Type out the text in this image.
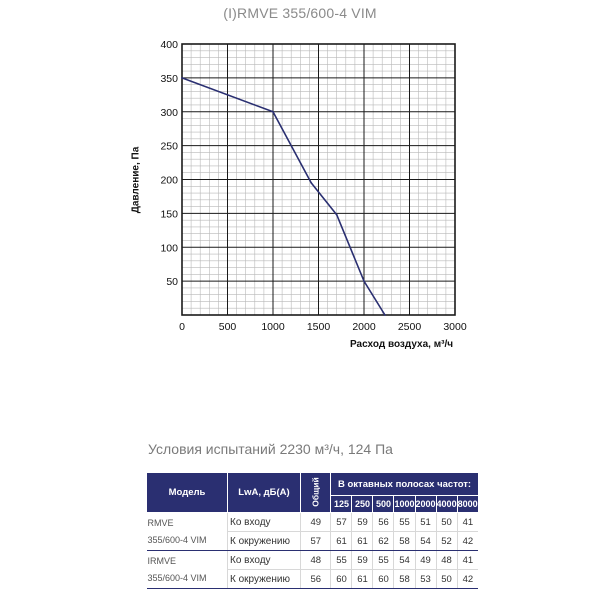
(I)RMVE 355/600-4 VIM
0	500 1000 1500 2000 2500 3000
50
100
150
200
250
300
350
400
Давление, Па
Расход воздуха, м³/ч
Условия испытаний 2230 м³/ч, 124 Па
Модель	LwA, дБ(А)	Общий	В октавных полосах частот:						
			125	250	500	1000	2000	4000	8000

RMVE
355/600-4 VIM	Ко входу	49	57	59	56	55	51	50	41
	К окружению	57	61	61	62	58	54	52	42

IRMVE
355/600-4 VIM	Ко входу	48	55	59	55	54	49	48	41
	К окружению	56	60	61	60	58	53	50	42
